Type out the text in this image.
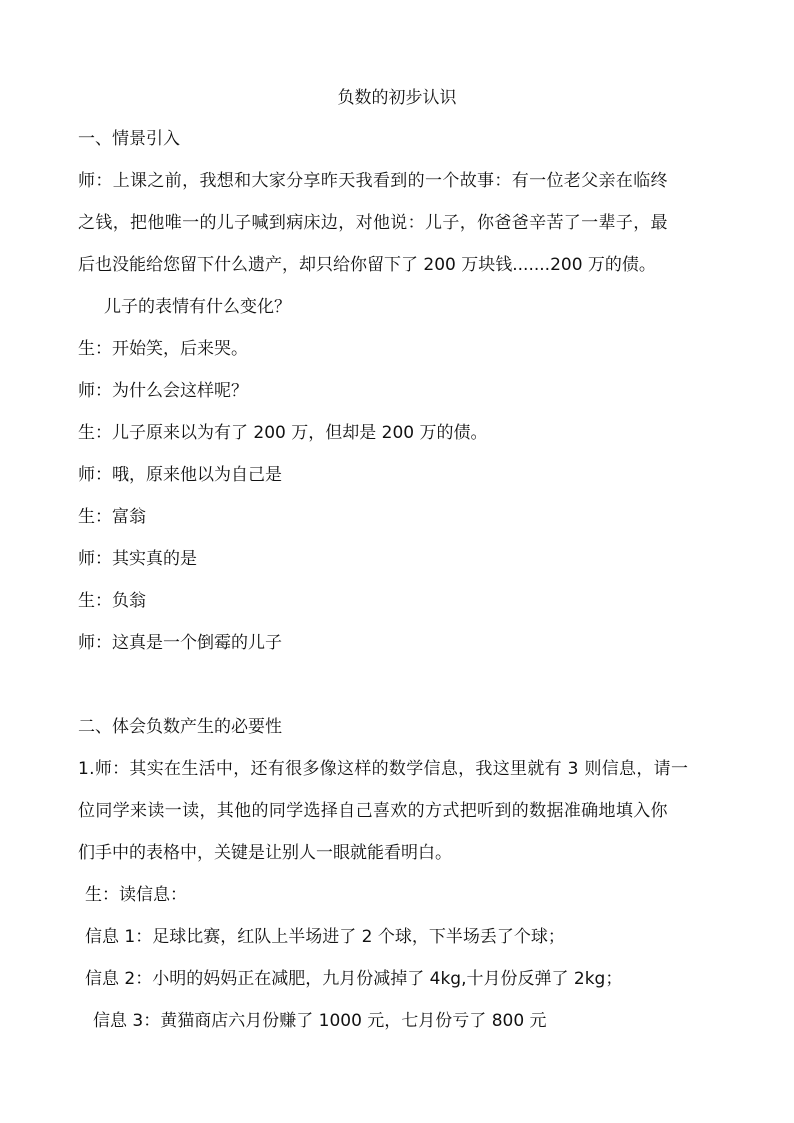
负数的初步认识
一、情景引入
师：上课之前，我想和大家分享昨天我看到的一个故事：有一位老父亲在临终
之钱，把他唯一的儿子喊到病床边，对他说：儿子，你爸爸辛苦了一辈子，最
后也没能给您留下什么遗产，却只给你留下了 200 万块钱.......200 万的债。
儿子的表情有什么变化？
生：开始笑，后来哭。
师：为什么会这样呢？
生：儿子原来以为有了 200 万，但却是 200 万的债。
师：哦，原来他以为自己是
生：富翁
师：其实真的是
生：负翁
师：这真是一个倒霉的儿子
二、体会负数产生的必要性
1.师：其实在生活中，还有很多像这样的数学信息，我这里就有 3 则信息，请一
位同学来读一读，其他的同学选择自己喜欢的方式把听到的数据准确地填入你
们手中的表格中，关键是让别人一眼就能看明白。
生：读信息：
信息 1：足球比赛，红队上半场进了 2 个球，下半场丢了个球；
信息 2：小明的妈妈正在减肥，九月份减掉了 4kg,十月份反弹了 2kg；
信息 3：黄猫商店六月份赚了 1000 元，七月份亏了 800 元
